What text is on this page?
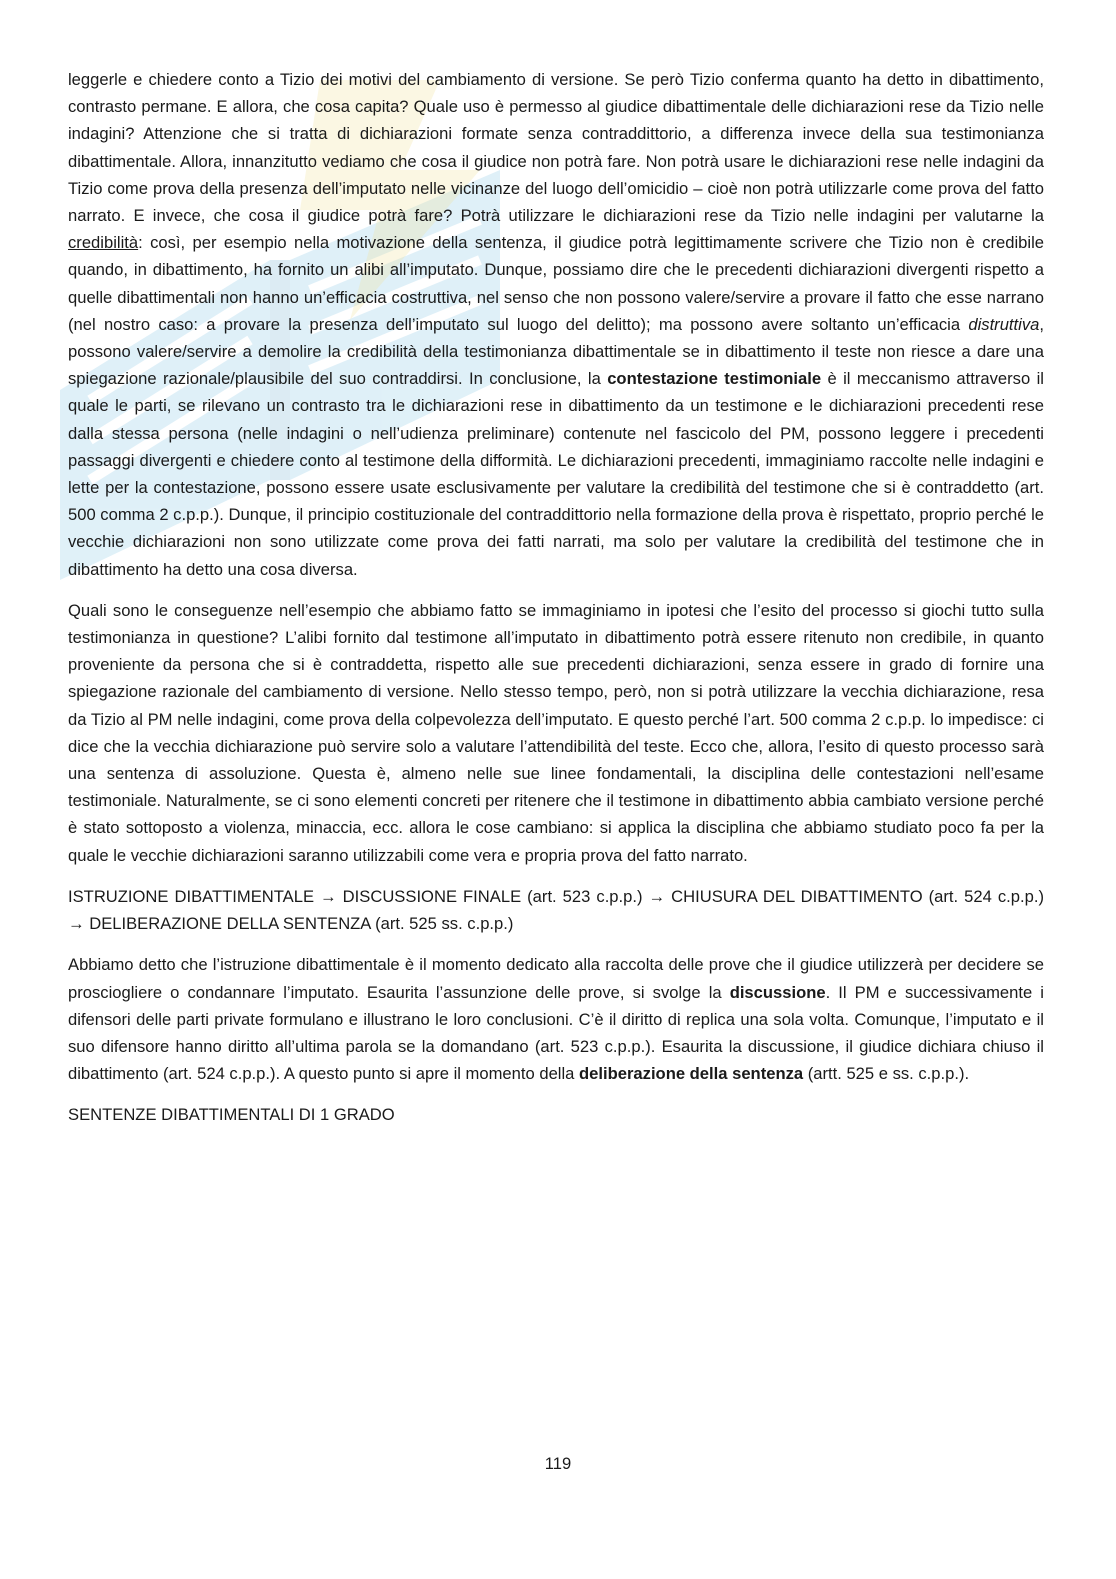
leggerle e chiedere conto a Tizio dei motivi del cambiamento di versione. Se però Tizio conferma quanto ha detto in dibattimento, contrasto permane. E allora, che cosa capita? Quale uso è permesso al giudice dibattimentale delle dichiarazioni rese da Tizio nelle indagini? Attenzione che si tratta di dichiarazioni formate senza contraddittorio, a differenza invece della sua testimonianza dibattimentale. Allora, innanzitutto vediamo che cosa il giudice non potrà fare. Non potrà usare le dichiarazioni rese nelle indagini da Tizio come prova della presenza dell’imputato nelle vicinanze del luogo dell’omicidio – cioè non potrà utilizzarle come prova del fatto narrato. E invece, che cosa il giudice potrà fare? Potrà utilizzare le dichiarazioni rese da Tizio nelle indagini per valutarne la credibilità: così, per esempio nella motivazione della sentenza, il giudice potrà legittimamente scrivere che Tizio non è credibile quando, in dibattimento, ha fornito un alibi all’imputato. Dunque, possiamo dire che le precedenti dichiarazioni divergenti rispetto a quelle dibattimentali non hanno un’efficacia costruttiva, nel senso che non possono valere/servire a provare il fatto che esse narrano (nel nostro caso: a provare la presenza dell’imputato sul luogo del delitto); ma possono avere soltanto un’efficacia distruttiva, possono valere/servire a demolire la credibilità della testimonianza dibattimentale se in dibattimento il teste non riesce a dare una spiegazione razionale/plausibile del suo contraddirsi. In conclusione, la contestazione testimoniale è il meccanismo attraverso il quale le parti, se rilevano un contrasto tra le dichiarazioni rese in dibattimento da un testimone e le dichiarazioni precedenti rese dalla stessa persona (nelle indagini o nell’udienza preliminare) contenute nel fascicolo del PM, possono leggere i precedenti passaggi divergenti e chiedere conto al testimone della difformità. Le dichiarazioni precedenti, immaginiamo raccolte nelle indagini e lette per la contestazione, possono essere usate esclusivamente per valutare la credibilità del testimone che si è contraddetto (art. 500 comma 2 c.p.p.). Dunque, il principio costituzionale del contraddittorio nella formazione della prova è rispettato, proprio perché le vecchie dichiarazioni non sono utilizzate come prova dei fatti narrati, ma solo per valutare la credibilità del testimone che in dibattimento ha detto una cosa diversa.

Quali sono le conseguenze nell’esempio che abbiamo fatto se immaginiamo in ipotesi che l’esito del processo si giochi tutto sulla testimonianza in questione? L’alibi fornito dal testimone all’imputato in dibattimento potrà essere ritenuto non credibile, in quanto proveniente da persona che si è contraddetta, rispetto alle sue precedenti dichiarazioni, senza essere in grado di fornire una spiegazione razionale del cambiamento di versione. Nello stesso tempo, però, non si potrà utilizzare la vecchia dichiarazione, resa da Tizio al PM nelle indagini, come prova della colpevolezza dell’imputato. E questo perché l’art. 500 comma 2 c.p.p. lo impedisce: ci dice che la vecchia dichiarazione può servire solo a valutare l’attendibilità del teste. Ecco che, allora, l’esito di questo processo sarà una sentenza di assoluzione. Questa è, almeno nelle sue linee fondamentali, la disciplina delle contestazioni nell’esame testimoniale. Naturalmente, se ci sono elementi concreti per ritenere che il testimone in dibattimento abbia cambiato versione perché è stato sottoposto a violenza, minaccia, ecc. allora le cose cambiano: si applica la disciplina che abbiamo studiato poco fa per la quale le vecchie dichiarazioni saranno utilizzabili come vera e propria prova del fatto narrato.

ISTRUZIONE DIBATTIMENTALE → DISCUSSIONE FINALE (art. 523 c.p.p.) → CHIUSURA DEL DIBATTIMENTO (art. 524 c.p.p.) → DELIBERAZIONE DELLA SENTENZA (art. 525 ss. c.p.p.)

Abbiamo detto che l’istruzione dibattimentale è il momento dedicato alla raccolta delle prove che il giudice utilizzerà per decidere se prosciogliere o condannare l’imputato. Esaurita l’assunzione delle prove, si svolge la discussione. Il PM e successivamente i difensori delle parti private formulano e illustrano le loro conclusioni. C’è il diritto di replica una sola volta. Comunque, l’imputato e il suo difensore hanno diritto all’ultima parola se la domandano (art. 523 c.p.p.). Esaurita la discussione, il giudice dichiara chiuso il dibattimento (art. 524 c.p.p.). A questo punto si apre il momento della deliberazione della sentenza (artt. 525 e ss. c.p.p.).

SENTENZE DIBATTIMENTALI DI 1 GRADO

119
